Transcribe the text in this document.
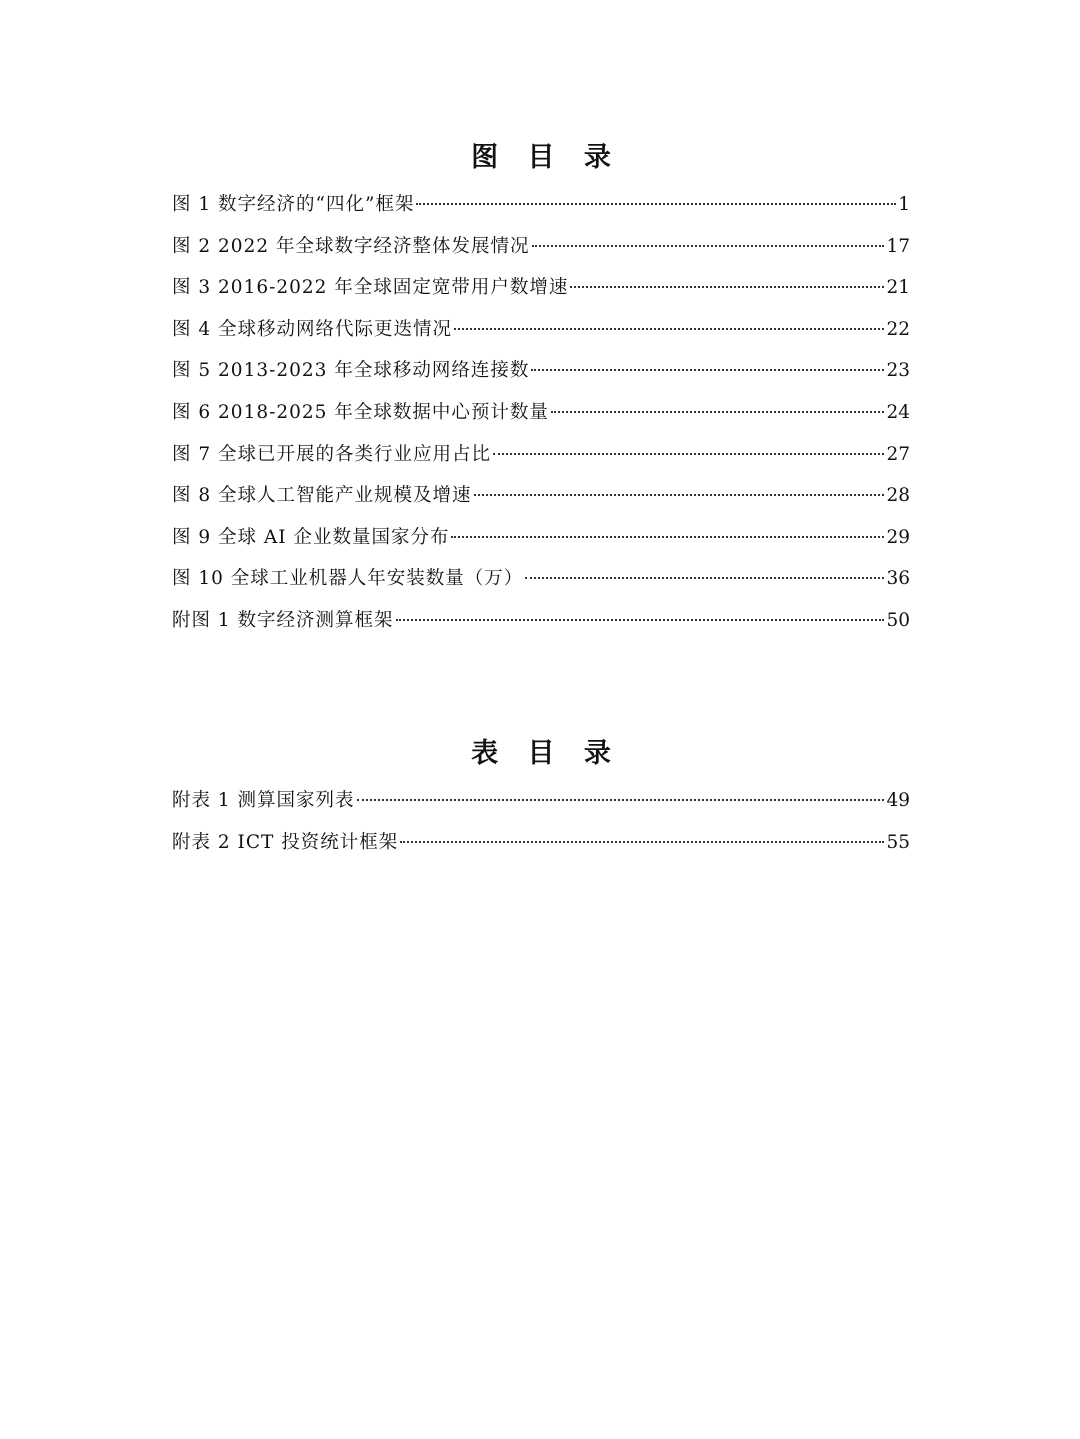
图 目 录
图 1 数字经济的“四化”框架	1
图 2 2022 年全球数字经济整体发展情况	17
图 3 2016-2022 年全球固定宽带用户数增速	21
图 4 全球移动网络代际更迭情况	22
图 5 2013-2023 年全球移动网络连接数	23
图 6 2018-2025 年全球数据中心预计数量	24
图 7 全球已开展的各类行业应用占比	27
图 8 全球人工智能产业规模及增速	28
图 9 全球 AI 企业数量国家分布	29
图 10 全球工业机器人年安装数量（万）	36
附图 1 数字经济测算框架	50
表 目 录
附表 1 测算国家列表	49
附表 2 ICT 投资统计框架	55
